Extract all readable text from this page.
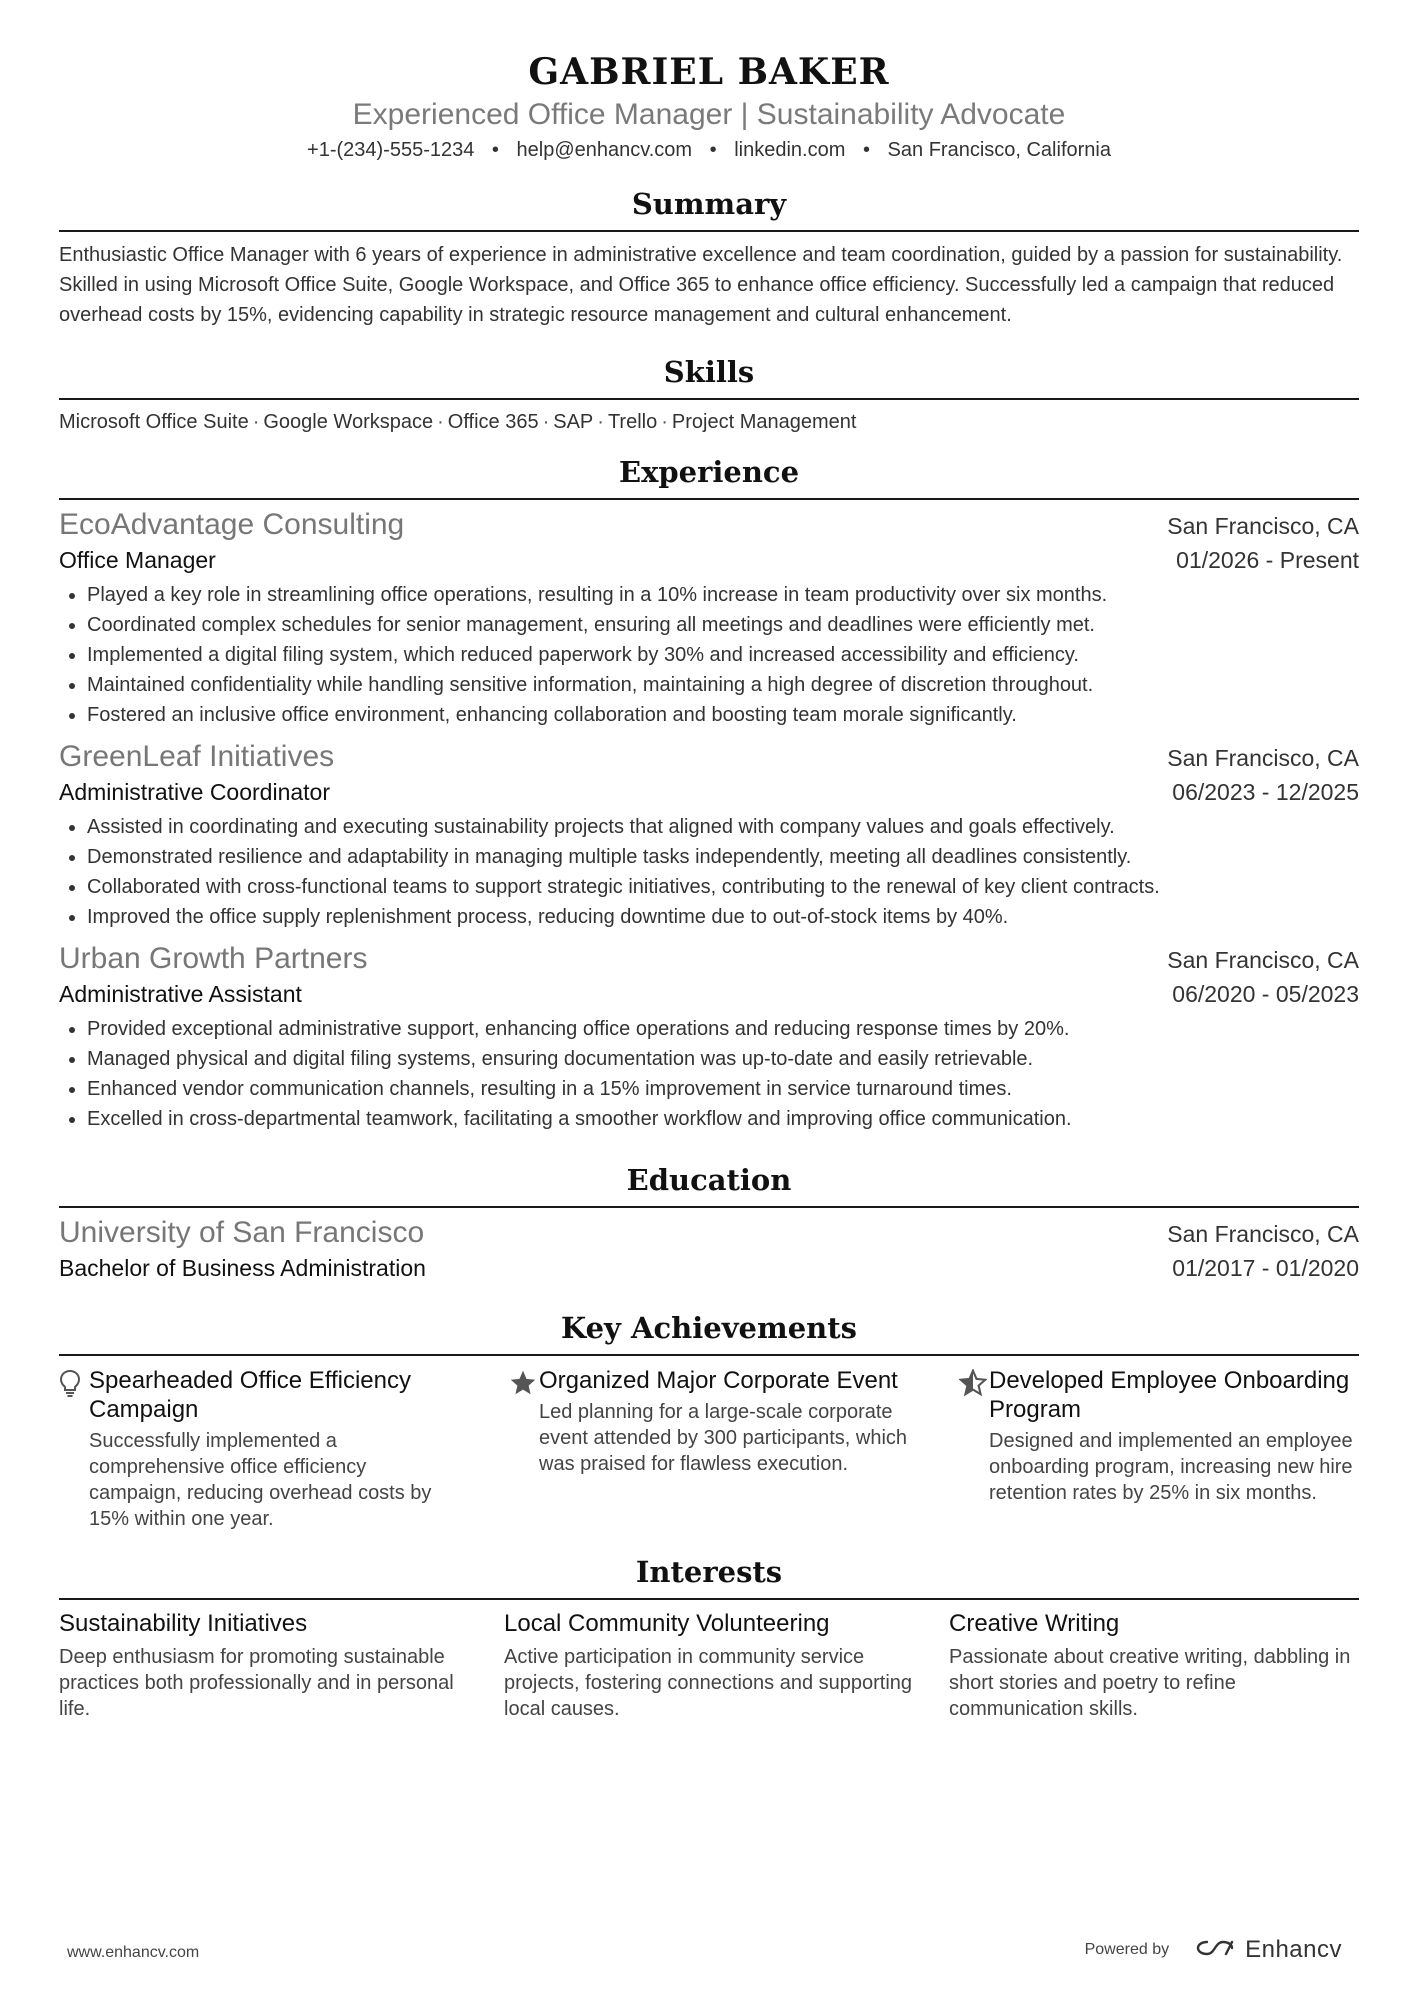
GABRIEL BAKER
Experienced Office Manager | Sustainability Advocate
+1-(234)-555-1234 • help@enhancv.com • linkedin.com • San Francisco, California
Summary
Enthusiastic Office Manager with 6 years of experience in administrative excellence and team coordination, guided by a passion for sustainability. Skilled in using Microsoft Office Suite, Google Workspace, and Office 365 to enhance office efficiency. Successfully led a campaign that reduced overhead costs by 15%, evidencing capability in strategic resource management and cultural enhancement.
Skills
Microsoft Office Suite · Google Workspace · Office 365 · SAP · Trello · Project Management
Experience
EcoAdvantage Consulting	San Francisco, CA
Office Manager	01/2026 - Present
• Played a key role in streamlining office operations, resulting in a 10% increase in team productivity over six months.
• Coordinated complex schedules for senior management, ensuring all meetings and deadlines were efficiently met.
• Implemented a digital filing system, which reduced paperwork by 30% and increased accessibility and efficiency.
• Maintained confidentiality while handling sensitive information, maintaining a high degree of discretion throughout.
• Fostered an inclusive office environment, enhancing collaboration and boosting team morale significantly.
GreenLeaf Initiatives	San Francisco, CA
Administrative Coordinator	06/2023 - 12/2025
• Assisted in coordinating and executing sustainability projects that aligned with company values and goals effectively.
• Demonstrated resilience and adaptability in managing multiple tasks independently, meeting all deadlines consistently.
• Collaborated with cross-functional teams to support strategic initiatives, contributing to the renewal of key client contracts.
• Improved the office supply replenishment process, reducing downtime due to out-of-stock items by 40%.
Urban Growth Partners	San Francisco, CA
Administrative Assistant	06/2020 - 05/2023
• Provided exceptional administrative support, enhancing office operations and reducing response times by 20%.
• Managed physical and digital filing systems, ensuring documentation was up-to-date and easily retrievable.
• Enhanced vendor communication channels, resulting in a 15% improvement in service turnaround times.
• Excelled in cross-departmental teamwork, facilitating a smoother workflow and improving office communication.
Education
University of San Francisco	San Francisco, CA
Bachelor of Business Administration	01/2017 - 01/2020
Key Achievements
Spearheaded Office Efficiency Campaign
Successfully implemented a comprehensive office efficiency campaign, reducing overhead costs by 15% within one year.
Organized Major Corporate Event
Led planning for a large-scale corporate event attended by 300 participants, which was praised for flawless execution.
Developed Employee Onboarding Program
Designed and implemented an employee onboarding program, increasing new hire retention rates by 25% in six months.
Interests
Sustainability Initiatives
Deep enthusiasm for promoting sustainable practices both professionally and in personal life.
Local Community Volunteering
Active participation in community service projects, fostering connections and supporting local causes.
Creative Writing
Passionate about creative writing, dabbling in short stories and poetry to refine communication skills.
www.enhancv.com	Powered by	Enhancv
